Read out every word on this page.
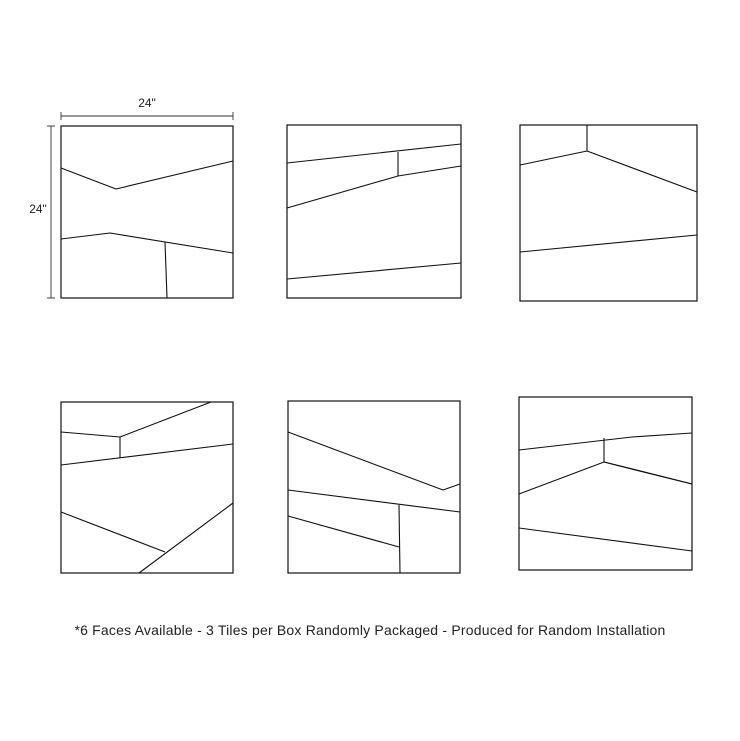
24"
24"
*6 Faces Available - 3 Tiles per Box Randomly Packaged - Produced for Random Installation
